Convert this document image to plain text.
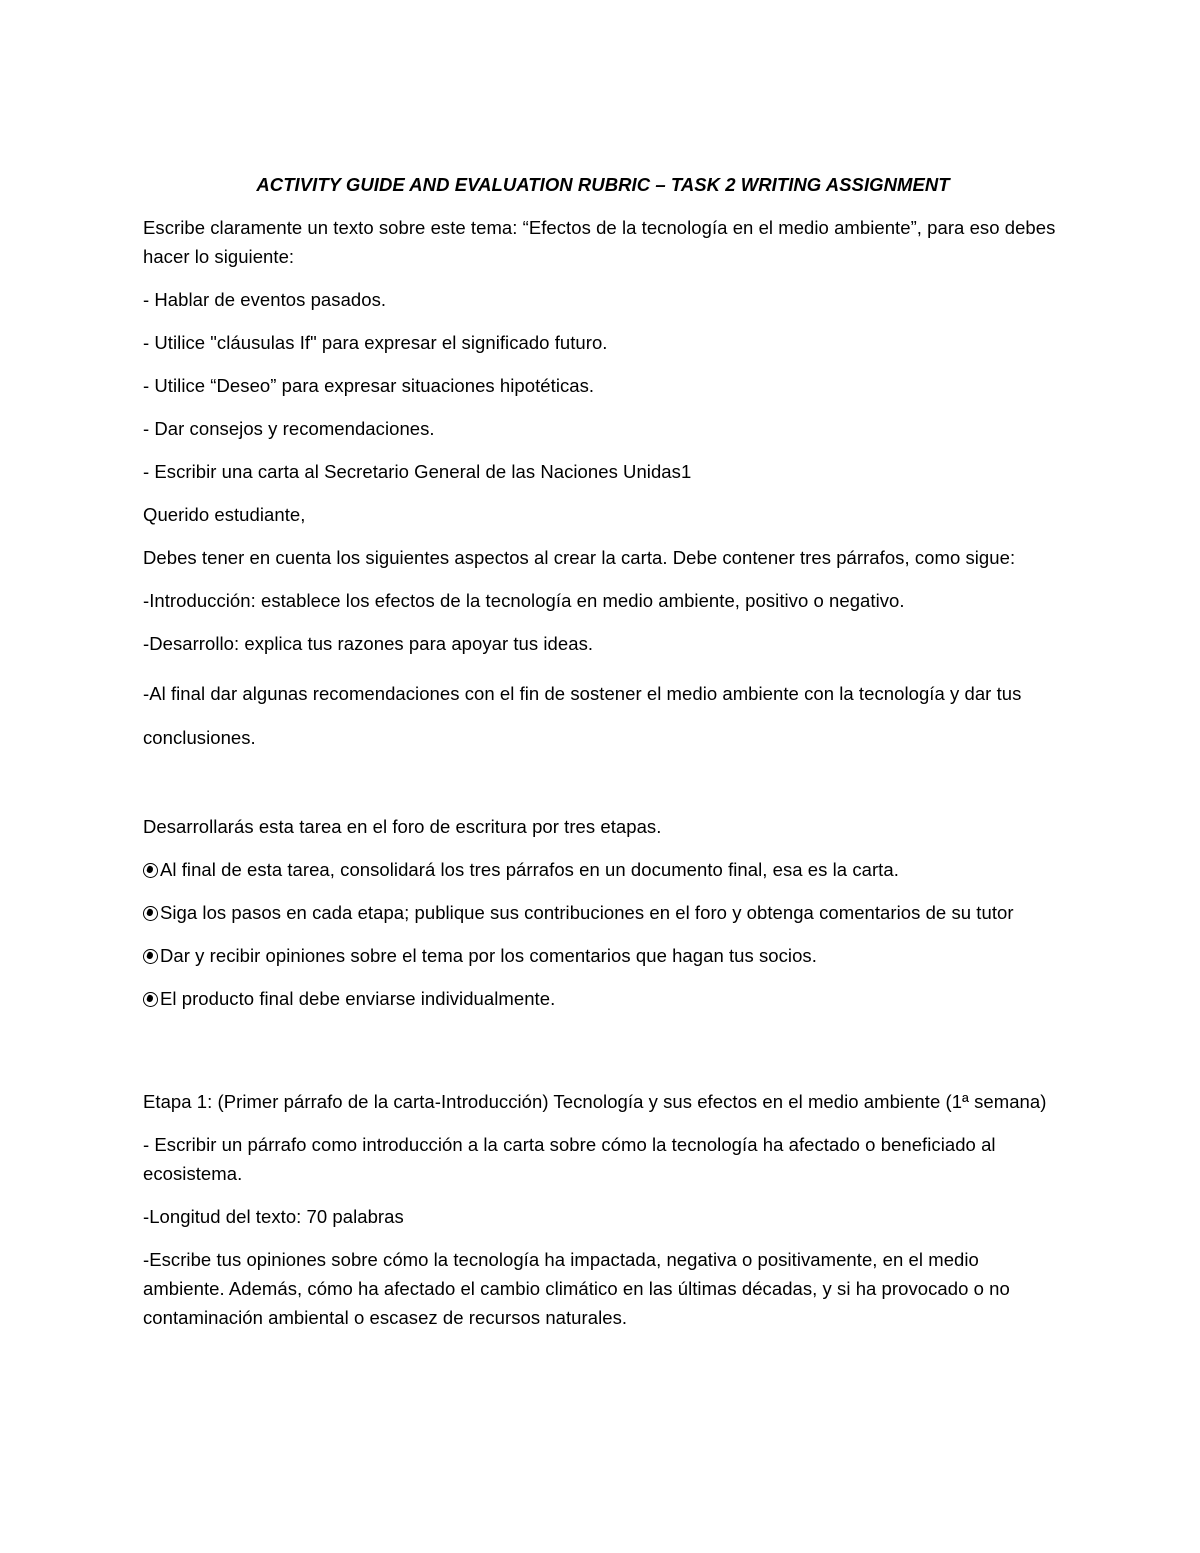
ACTIVITY GUIDE AND EVALUATION RUBRIC – TASK 2 WRITING ASSIGNMENT
Escribe claramente un texto sobre este tema: “Efectos de la tecnología en el medio ambiente”, para eso debes hacer lo siguiente:
- Hablar de eventos pasados.
- Utilice "cláusulas If" para expresar el significado futuro.
- Utilice “Deseo” para expresar situaciones hipotéticas.
- Dar consejos y recomendaciones.
- Escribir una carta al Secretario General de las Naciones Unidas1
Querido estudiante,
Debes tener en cuenta los siguientes aspectos al crear la carta. Debe contener tres párrafos, como sigue:
-Introducción: establece los efectos de la tecnología en medio ambiente, positivo o negativo.
-Desarrollo: explica tus razones para apoyar tus ideas.
-Al final dar algunas recomendaciones con el fin de sostener el medio ambiente con la tecnología y dar tus conclusiones.
Desarrollarás esta tarea en el foro de escritura por tres etapas.
Al final de esta tarea, consolidará los tres párrafos en un documento final, esa es la carta.
Siga los pasos en cada etapa; publique sus contribuciones en el foro y obtenga comentarios de su tutor
Dar y recibir opiniones sobre el tema por los comentarios que hagan tus socios.
El producto final debe enviarse individualmente.
Etapa 1: (Primer párrafo de la carta-Introducción) Tecnología y sus efectos en el medio ambiente (1ª semana)
- Escribir un párrafo como introducción a la carta sobre cómo la tecnología ha afectado o beneficiado al ecosistema.
-Longitud del texto: 70 palabras
-Escribe tus opiniones sobre cómo la tecnología ha impactada, negativa o positivamente, en el medio ambiente. Además, cómo ha afectado el cambio climático en las últimas décadas, y si ha provocado o no contaminación ambiental o escasez de recursos naturales.
